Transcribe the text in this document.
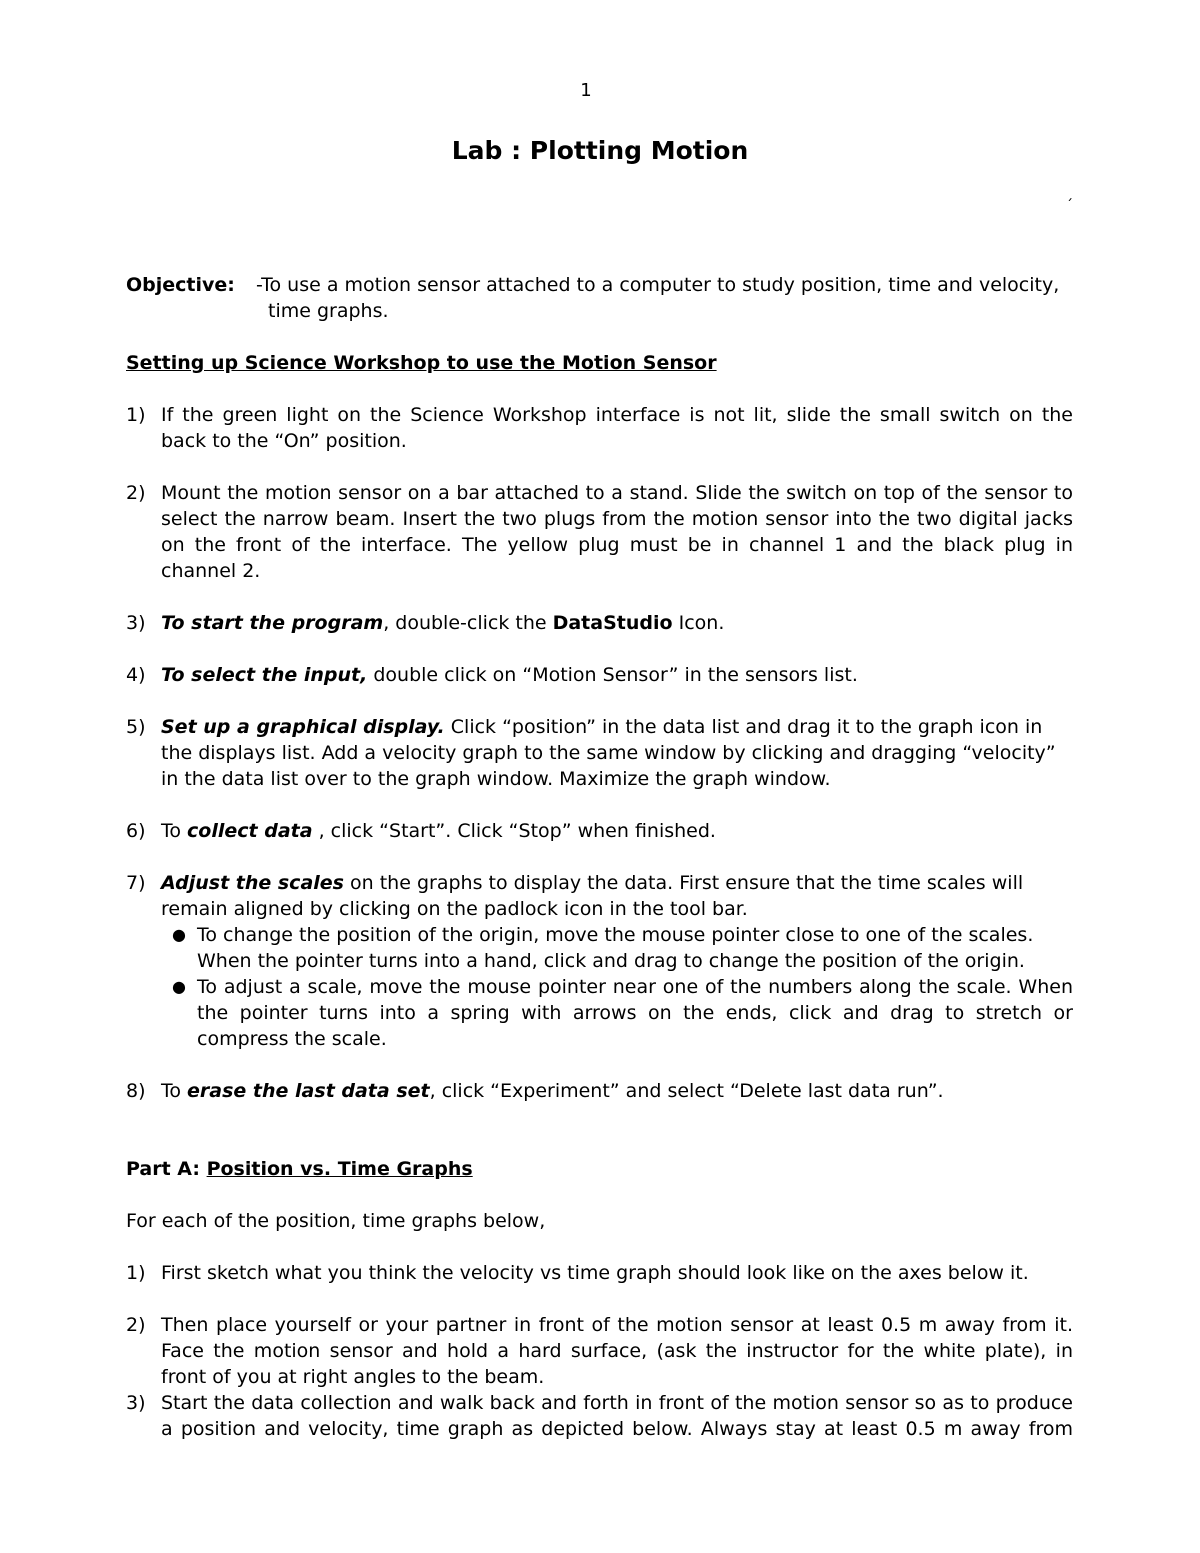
1
Lab : Plotting Motion
ˊ
Objective: -To use a motion sensor attached to a computer to study position, time and velocity,
time graphs.
Setting up Science Workshop to use the Motion Sensor
1) If the green light on the Science Workshop interface is not lit, slide the small switch on the
back to the “On” position.
2) Mount the motion sensor on a bar attached to a stand. Slide the switch on top of the sensor to
select the narrow beam. Insert the two plugs from the motion sensor into the two digital jacks
on the front of the interface. The yellow plug must be in channel 1 and the black plug in
channel 2.
3) To start the program, double-click the DataStudio Icon.
4) To select the input, double click on “Motion Sensor” in the sensors list.
5) Set up a graphical display. Click “position” in the data list and drag it to the graph icon in
the displays list. Add a velocity graph to the same window by clicking and dragging “velocity”
in the data list over to the graph window. Maximize the graph window.
6) To collect data , click “Start”. Click “Stop” when finished.
7) Adjust the scales on the graphs to display the data. First ensure that the time scales will
remain aligned by clicking on the padlock icon in the tool bar.
● To change the position of the origin, move the mouse pointer close to one of the scales.
When the pointer turns into a hand, click and drag to change the position of the origin.
● To adjust a scale, move the mouse pointer near one of the numbers along the scale. When
the pointer turns into a spring with arrows on the ends, click and drag to stretch or
compress the scale.
8) To erase the last data set, click “Experiment” and select “Delete last data run”.
Part A: Position vs. Time Graphs
For each of the position, time graphs below,
1) First sketch what you think the velocity vs time graph should look like on the axes below it.
2) Then place yourself or your partner in front of the motion sensor at least 0.5 m away from it.
Face the motion sensor and hold a hard surface, (ask the instructor for the white plate), in
front of you at right angles to the beam.
3) Start the data collection and walk back and forth in front of the motion sensor so as to produce
a position and velocity, time graph as depicted below. Always stay at least 0.5 m away from
